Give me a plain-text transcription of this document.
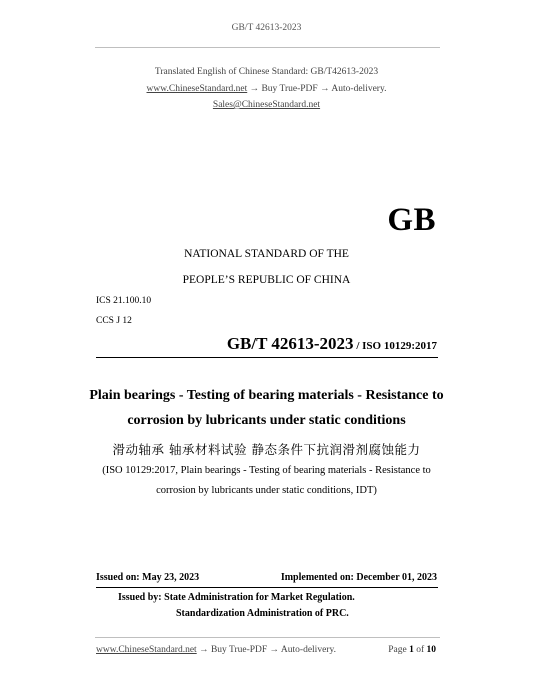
GB/T 42613-2023
Translated English of Chinese Standard: GB/T42613-2023
www.ChineseStandard.net → Buy True-PDF → Auto-delivery.
Sales@ChineseStandard.net
GB
NATIONAL STANDARD OF THE
PEOPLE’S REPUBLIC OF CHINA
ICS 21.100.10
CCS J 12
GB/T 42613-2023 / ISO 10129:2017
Plain bearings - Testing of bearing materials - Resistance to
corrosion by lubricants under static conditions
滑动轴承 轴承材料试验 静态条件下抗润滑剂腐蚀能力
(ISO 10129:2017, Plain bearings - Testing of bearing materials - Resistance to
corrosion by lubricants under static conditions, IDT)
Issued on: May 23, 2023	Implemented on: December 01, 2023
Issued by: State Administration for Market Regulation.
Standardization Administration of PRC.
www.ChineseStandard.net → Buy True-PDF → Auto-delivery.	Page 1 of 10
